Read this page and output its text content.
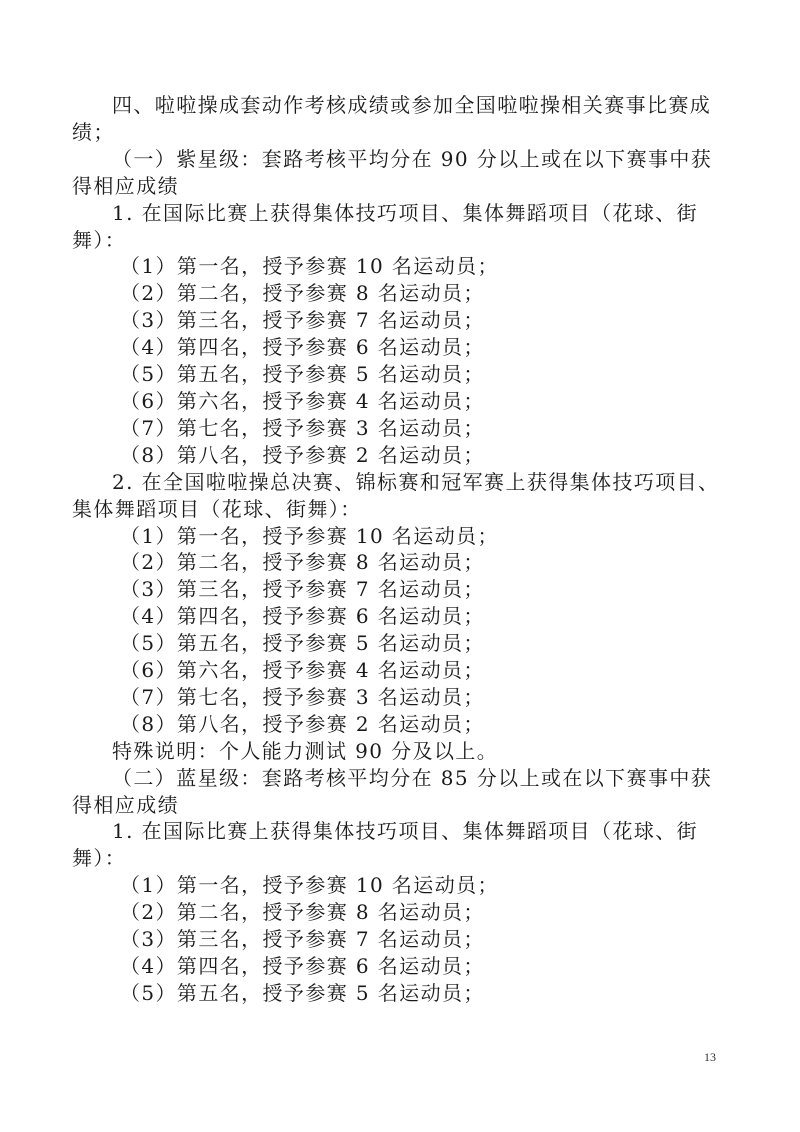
四、啦啦操成套动作考核成绩或参加全国啦啦操相关赛事比赛成
绩；
（一）紫星级：套路考核平均分在 90 分以上或在以下赛事中获
得相应成绩
1. 在国际比赛上获得集体技巧项目、集体舞蹈项目（花球、街
舞）：
（1）第一名，授予参赛 10 名运动员；
（2）第二名，授予参赛 8 名运动员；
（3）第三名，授予参赛 7 名运动员；
（4）第四名，授予参赛 6 名运动员；
（5）第五名，授予参赛 5 名运动员；
（6）第六名，授予参赛 4 名运动员；
（7）第七名，授予参赛 3 名运动员；
（8）第八名，授予参赛 2 名运动员；
2. 在全国啦啦操总决赛、锦标赛和冠军赛上获得集体技巧项目、
集体舞蹈项目（花球、街舞）：
（1）第一名，授予参赛 10 名运动员；
（2）第二名，授予参赛 8 名运动员；
（3）第三名，授予参赛 7 名运动员；
（4）第四名，授予参赛 6 名运动员；
（5）第五名，授予参赛 5 名运动员；
（6）第六名，授予参赛 4 名运动员；
（7）第七名，授予参赛 3 名运动员；
（8）第八名，授予参赛 2 名运动员；
特殊说明：个人能力测试 90 分及以上。
（二）蓝星级：套路考核平均分在 85 分以上或在以下赛事中获
得相应成绩
1. 在国际比赛上获得集体技巧项目、集体舞蹈项目（花球、街
舞）：
（1）第一名，授予参赛 10 名运动员；
（2）第二名，授予参赛 8 名运动员；
（3）第三名，授予参赛 7 名运动员；
（4）第四名，授予参赛 6 名运动员；
（5）第五名，授予参赛 5 名运动员；
13
